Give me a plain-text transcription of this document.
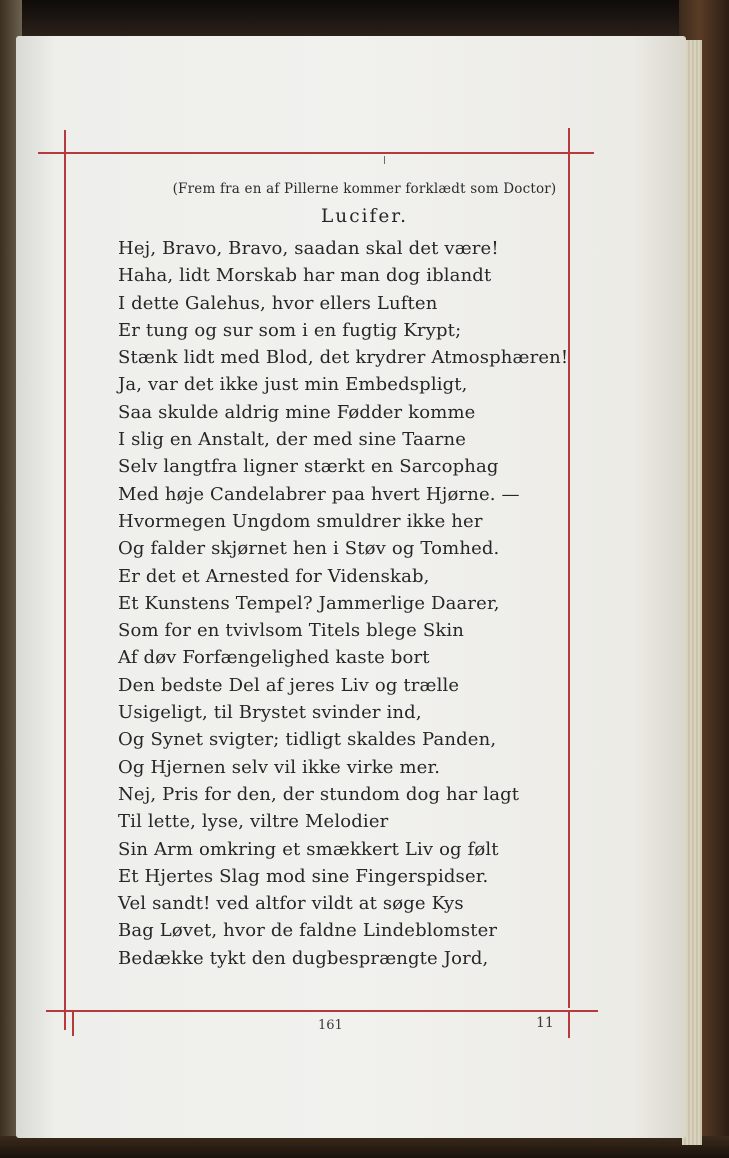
(Frem fra en af Pillerne kommer forklædt som Doctor)
Lucifer.
Hej, Bravo, Bravo, saadan skal det være!
Haha, lidt Morskab har man dog iblandt
I dette Galehus, hvor ellers Luften
Er tung og sur som i en fugtig Krypt;
Stænk lidt med Blod, det krydrer Atmosphæren!
Ja, var det ikke just min Embedspligt,
Saa skulde aldrig mine Fødder komme
I slig en Anstalt, der med sine Taarne
Selv langtfra ligner stærkt en Sarcophag
Med høje Candelabrer paa hvert Hjørne. —
Hvormegen Ungdom smuldrer ikke her
Og falder skjørnet hen i Støv og Tomhed.
Er det et Arnested for Videnskab,
Et Kunstens Tempel? Jammerlige Daarer,
Som for en tvivlsom Titels blege Skin
Af døv Forfængelighed kaste bort
Den bedste Del af jeres Liv og trælle
Usigeligt, til Brystet svinder ind,
Og Synet svigter; tidligt skaldes Panden,
Og Hjernen selv vil ikke virke mer.
Nej, Pris for den, der stundom dog har lagt
Til lette, lyse, viltre Melodier
Sin Arm omkring et smækkert Liv og følt
Et Hjertes Slag mod sine Fingerspidser.
Vel sandt! ved altfor vildt at søge Kys
Bag Løvet, hvor de faldne Lindeblomster
Bedække tykt den dugbesprængte Jord,
161	11
